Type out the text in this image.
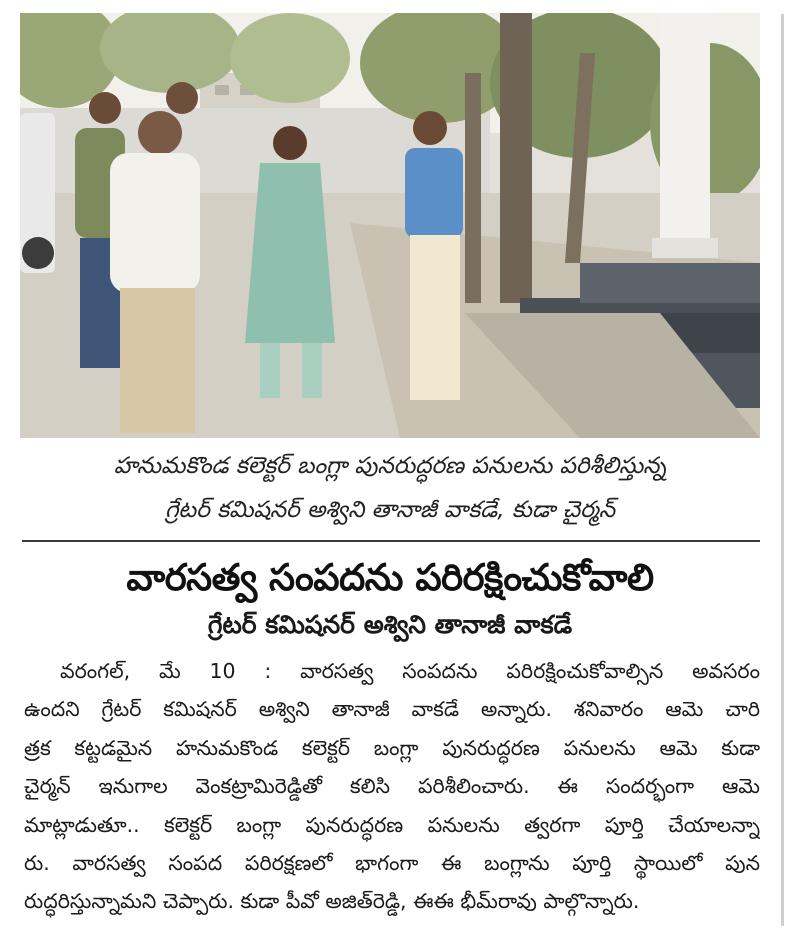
హనుమకొండ కలెక్టర్ బంగ్లా పునరుద్ధరణ పనులను పరిశీలిస్తున్న
గ్రేటర్ కమిషనర్ అశ్విని తానాజీ వాకడే, కుడా చైర్మన్
వారసత్వ సంపదను పరిరక్షించుకోవాలి
గ్రేటర్ కమిషనర్ అశ్విని తానాజీ వాకడే
వరంగల్, మే 10 : వారసత్వ సంపదను పరిరక్షించుకోవాల్సిన అవసరం
ఉందని గ్రేటర్ కమిషనర్ అశ్విని తానాజీ వాకడే అన్నారు. శనివారం ఆమె చారి
త్రక కట్టడమైన హనుమకొండ కలెక్టర్ బంగ్లా పునరుద్ధరణ పనులను ఆమె కుడా
చైర్మన్ ఇనుగాల వెంకట్రామిరెడ్డితో కలిసి పరిశీలించారు. ఈ సందర్భంగా ఆమె
మాట్లాడుతూ.. కలెక్టర్ బంగ్లా పునరుద్ధరణ పనులను త్వరగా పూర్తి చేయాలన్నా
రు. వారసత్వ సంపద పరిరక్షణలో భాగంగా ఈ బంగ్లాను పూర్తి స్థాయిలో పున
రుద్ధరిస్తున్నామని చెప్పారు. కుడా పీవో అజిత్‌రెడ్డి, ఈఈ భీమ్‌రావు పాల్గొన్నారు.
